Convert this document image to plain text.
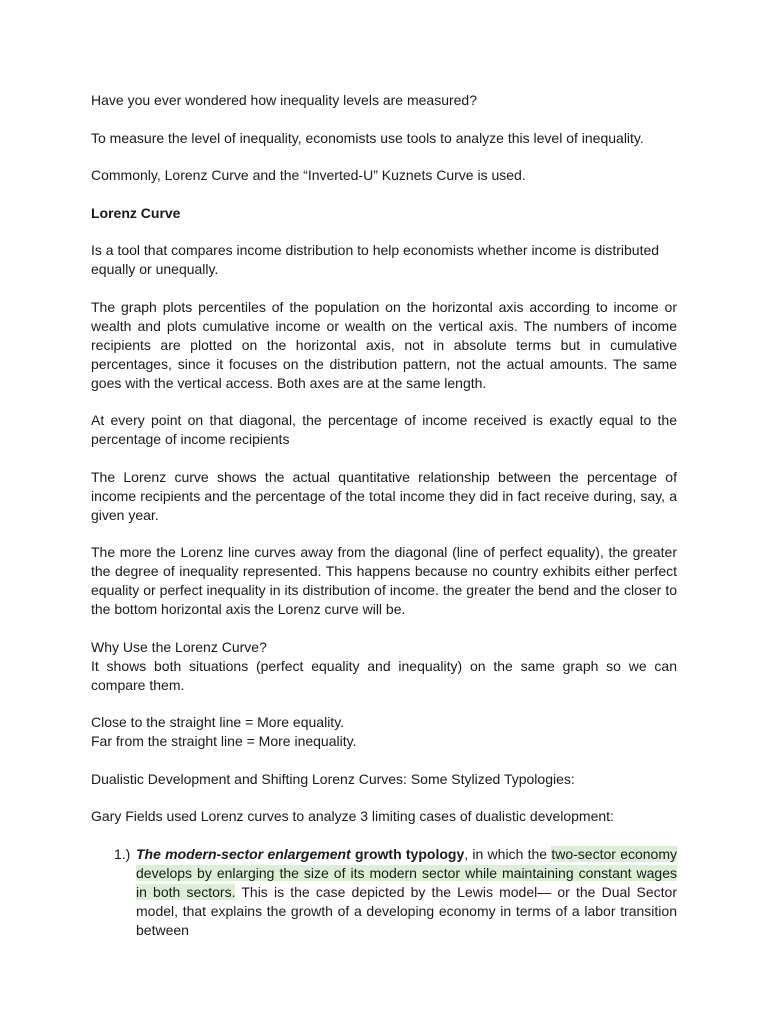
Have you ever wondered how inequality levels are measured?

To measure the level of inequality, economists use tools to analyze this level of inequality.

Commonly, Lorenz Curve and the “Inverted-U” Kuznets Curve is used.

Lorenz Curve

Is a tool that compares income distribution to help economists whether income is distributed equally or unequally.

The graph plots percentiles of the population on the horizontal axis according to income or wealth and plots cumulative income or wealth on the vertical axis. The numbers of income recipients are plotted on the horizontal axis, not in absolute terms but in cumulative percentages, since it focuses on the distribution pattern, not the actual amounts. The same goes with the vertical access. Both axes are at the same length.

At every point on that diagonal, the percentage of income received is exactly equal to the percentage of income recipients

The Lorenz curve shows the actual quantitative relationship between the percentage of income recipients and the percentage of the total income they did in fact receive during, say, a given year.

The more the Lorenz line curves away from the diagonal (line of perfect equality), the greater the degree of inequality represented. This happens because no country exhibits either perfect equality or perfect inequality in its distribution of income. the greater the bend and the closer to the bottom horizontal axis the Lorenz curve will be.

Why Use the Lorenz Curve?

It shows both situations (perfect equality and inequality) on the same graph so we can compare them.

Close to the straight line = More equality.

Far from the straight line = More inequality.

Dualistic Development and Shifting Lorenz Curves: Some Stylized Typologies:

Gary Fields used Lorenz curves to analyze 3 limiting cases of dualistic development:

1.) The modern-sector enlargement growth typology, in which the two-sector economy develops by enlarging the size of its modern sector while maintaining constant wages in both sectors. This is the case depicted by the Lewis model— or the Dual Sector model, that explains the growth of a developing economy in terms of a labor transition between
